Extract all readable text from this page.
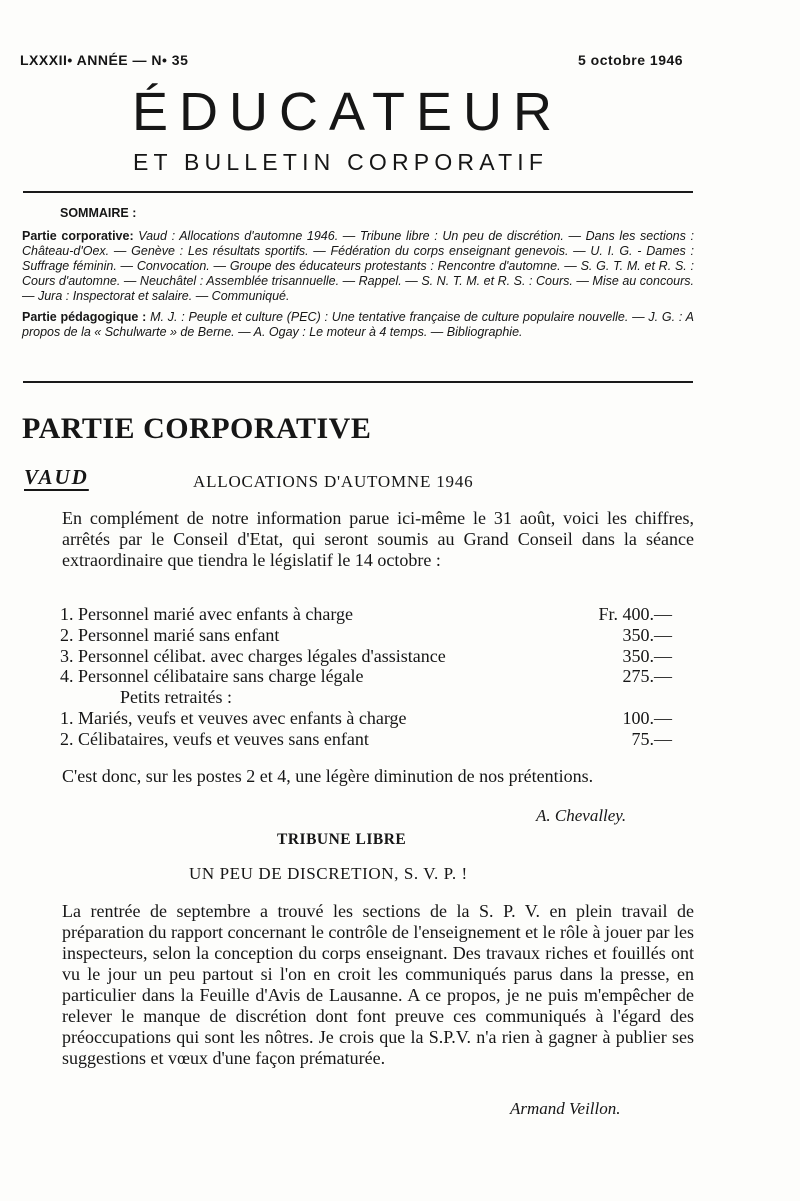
LXXXII• ANNÉE — N• 35	5 octobre 1946
ÉDUCATEUR
ET BULLETIN CORPORATIF
SOMMAIRE :

Partie corporative: Vaud : Allocations d'automne 1946. — Tribune libre : Un peu de discrétion. — Dans les sections : Château-d'Oex. — Genève : Les résultats sportifs. — Fédération du corps enseignant genevois. — U. I. G. - Dames : Suffrage féminin. — Convocation. — Groupe des éducateurs protestants : Rencontre d'automne. — S. G. T. M. et R. S. : Cours d'automne. — Neuchâtel : Assemblée trisannuelle. — Rappel. — S. N. T. M. et R. S. : Cours. — Mise au concours. — Jura : Inspectorat et salaire. — Communiqué.

Partie pédagogique : M. J. : Peuple et culture (PEC) : Une tentative française de culture populaire nouvelle. — J. G. : A propos de la « Schulwarte » de Berne. — A. Ogay : Le moteur à 4 temps. — Bibliographie.

PARTIE CORPORATIVE
VAUD	ALLOCATIONS D'AUTOMNE 1946
En complément de notre information parue ici-même le 31 août, voici les chiffres, arrêtés par le Conseil d'Etat, qui seront soumis au Grand Conseil dans la séance extraordinaire que tiendra le législatif le 14 octobre :
1. Personnel marié avec enfants à charge	Fr. 400.—
2. Personnel marié sans enfant	350.—
3. Personnel célibat. avec charges légales d'assistance	350.—
4. Personnel célibataire sans charge légale	275.—
Petits retraités :
1. Mariés, veufs et veuves avec enfants à charge	100.—
2. Célibataires, veufs et veuves sans enfant	75.—
C'est donc, sur les postes 2 et 4, une légère diminution de nos prétentions.
A. Chevalley.
TRIBUNE LIBRE
UN PEU DE DISCRETION, S. V. P. !
La rentrée de septembre a trouvé les sections de la S. P. V. en plein travail de préparation du rapport concernant le contrôle de l'enseignement et le rôle à jouer par les inspecteurs, selon la conception du corps enseignant. Des travaux riches et fouillés ont vu le jour un peu partout si l'on en croit les communiqués parus dans la presse, en particulier dans la Feuille d'Avis de Lausanne. A ce propos, je ne puis m'empêcher de relever le manque de discrétion dont font preuve ces communiqués à l'égard des préoccupations qui sont les nôtres. Je crois que la S.P.V. n'a rien à gagner à publier ses suggestions et vœux d'une façon prématurée.
Armand Veillon.
